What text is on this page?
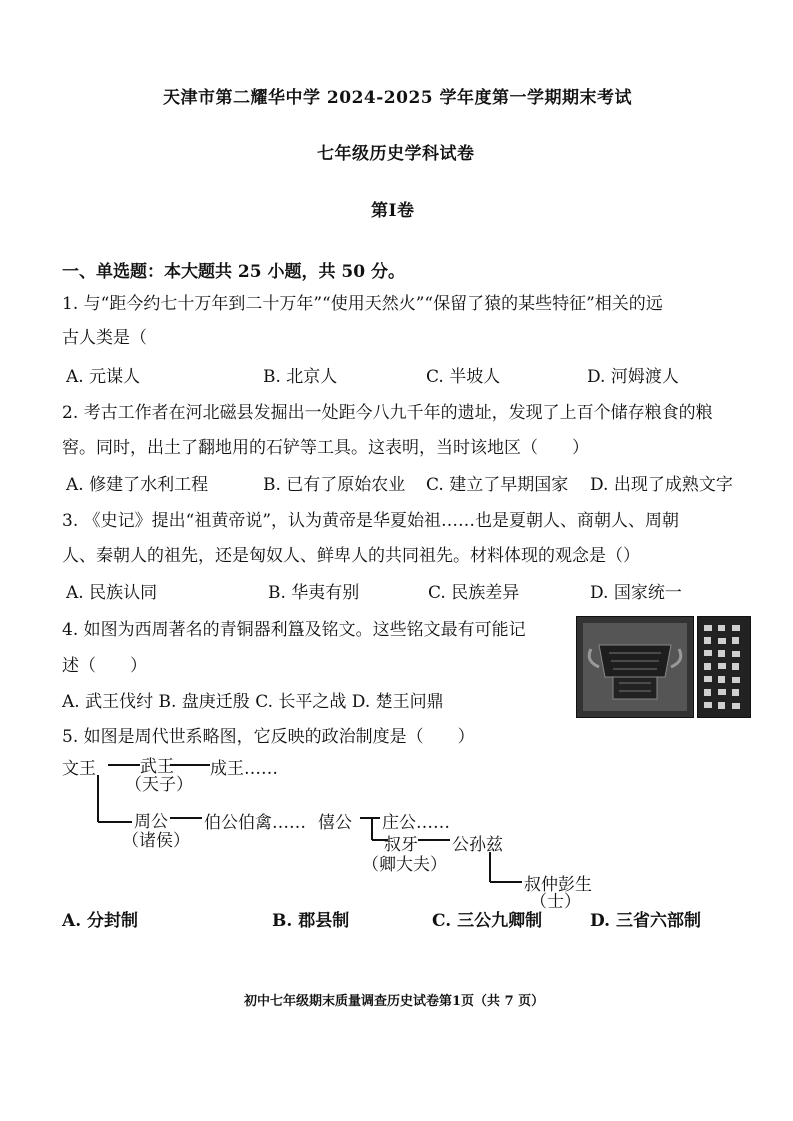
天津市第二耀华中学 2024-2025 学年度第一学期期末考试
七年级历史学科试卷
第Ⅰ卷
一、单选题：本大题共 25 小题，共 50 分。
1. 与“距今约七十万年到二十万年”“使用天然火”“保留了猿的某些特征”相关的远
古人类是（
A. 元谋人	B. 北京人	C. 半坡人	D. 河姆渡人
2. 考古工作者在河北磁县发掘出一处距今八九千年的遗址，发现了上百个储存粮食的粮
窖。同时，出土了翻地用的石铲等工具。这表明，当时该地区（　　）
A. 修建了水利工程	B. 已有了原始农业 C. 建立了早期国家 D. 出现了成熟文字
3. 《史记》提出“祖黄帝说”，认为黄帝是华夏始祖……也是夏朝人、商朝人、周朝
人、秦朝人的祖先，还是匈奴人、鲜卑人的共同祖先。材料体现的观念是（）
A. 民族认同	B. 华夷有别	C. 民族差异	D. 国家统一
4. 如图为西周著名的青铜器利簋及铭文。这些铭文最有可能记
述（　　）
A. 武王伐纣 B. 盘庚迁殷 C. 长平之战 D. 楚王问鼎
5. 如图是周代世系略图，它反映的政治制度是（　　）
文王	武王 成王……
（天子）
周公
（诸侯）
伯公伯禽…… 僖公 庄公……
叔牙 公孙兹
（卿大夫）
叔仲彭生
（士）
A. 分封制	B. 郡县制	C. 三公九卿制	D. 三省六部制
初中七年级期末质量调查历史试卷第1页（共 7 页）
